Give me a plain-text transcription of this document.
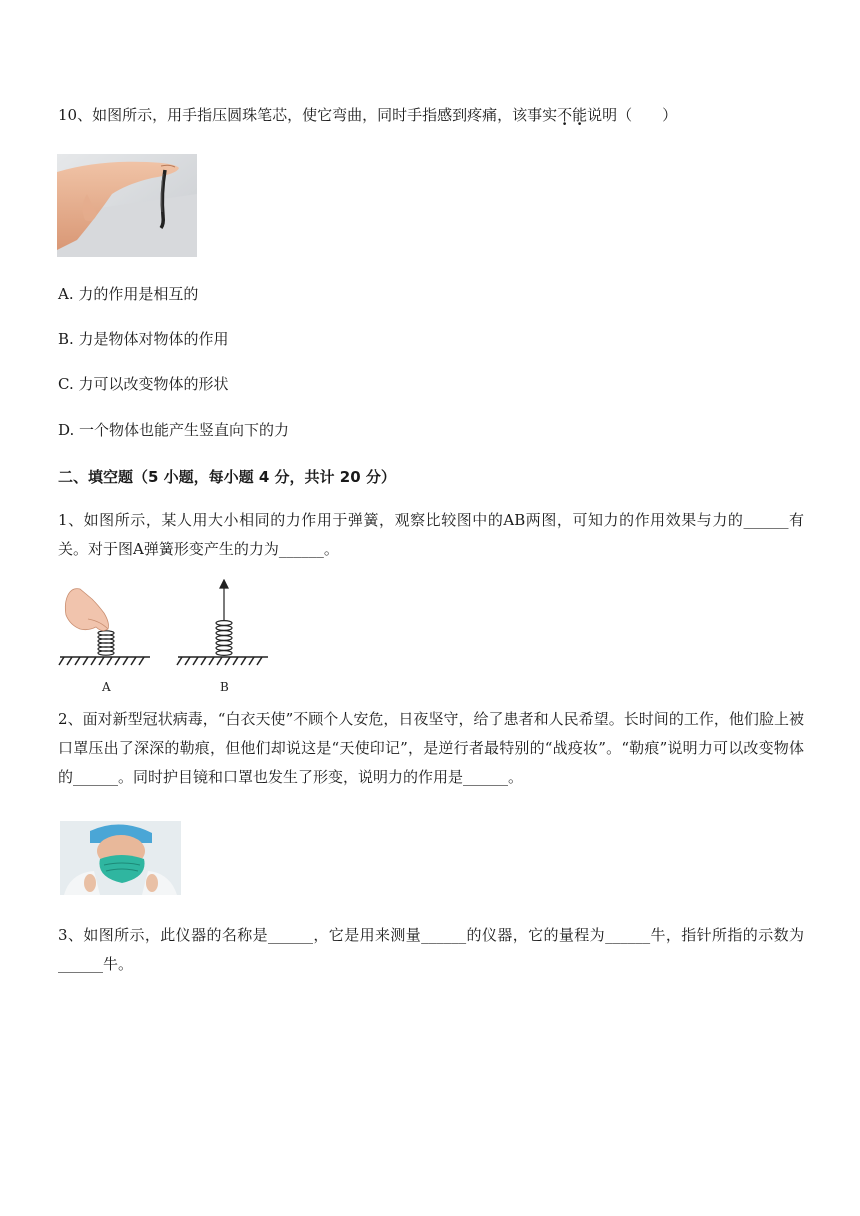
10、如图所示，用手指压圆珠笔芯，使它弯曲，同时手指感到疼痛，该事实不能说明（　　）
A. 力的作用是相互的
B. 力是物体对物体的作用
C. 力可以改变物体的形状
D. 一个物体也能产生竖直向下的力
二、填空题（5 小题，每小题 4 分，共计 20 分）
1、如图所示，某人用大小相同的力作用于弹簧，观察比较图中的AB两图，可知力的作用效果与力的______有关。对于图A弹簧形变产生的力为______。
A	B
2、面对新型冠状病毒，“白衣天使”不顾个人安危，日夜坚守，给了患者和人民希望。长时间的工作，他们脸上被口罩压出了深深的勒痕，但他们却说这是“天使印记”，是逆行者最特别的“战疫妆”。“勒痕”说明力可以改变物体的______。同时护目镜和口罩也发生了形变，说明力的作用是______。
3、如图所示，此仪器的名称是______，它是用来测量______的仪器，它的量程为______牛，指针所指的示数为______牛。
